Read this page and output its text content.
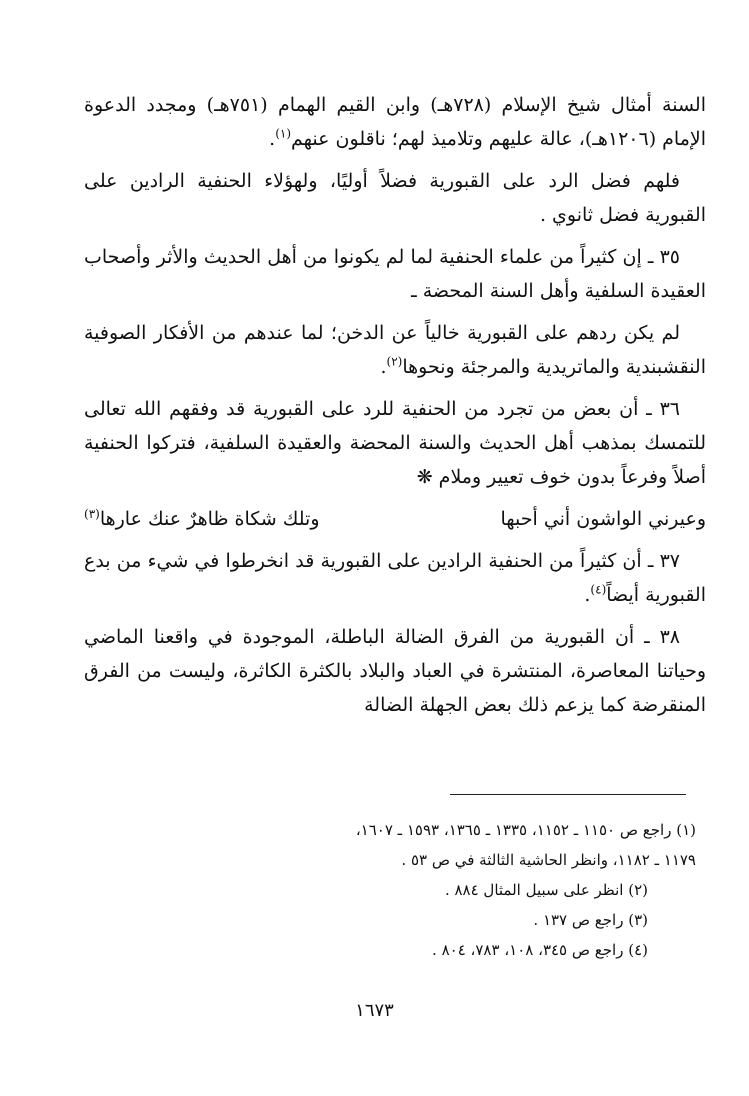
السنة أمثال شيخ الإسلام (٧٢٨هـ) وابن القيم الهمام (٧٥١هـ) ومجدد الدعوة الإمام (١٢٠٦هـ)، عالة عليهم وتلاميذ لهم؛ ناقلون عنهم$^{(١)}$.

فلهم فضل الرد على القبورية فضلاً أوليًا، ولهؤلاء الحنفية الرادين على القبورية فضل ثانوي .

٣٥ ـ إن كثيراً من علماء الحنفية لما لم يكونوا من أهل الحديث والأثر وأصحاب العقيدة السلفية وأهل السنة المحضة ـ

لم يكن ردهم على القبورية خالياً عن الدخن؛ لما عندهم من الأفكار الصوفية النقشبندية والماتريدية والمرجئة ونحوها$^{(٢)}$.

٣٦ ـ أن بعض من تجرد من الحنفية للرد على القبورية قد وفقهم الله تعالى للتمسك بمذهب أهل الحديث والسنة المحضة والعقيدة السلفية، فتركوا الحنفية أصلاً وفرعاً بدون خوف تعيير وملام ❋

وعيرني الواشون أني أحبها
وتلك شكاة ظاهرٌ عنك عارها(٣)

٣٧ ـ أن كثيراً من الحنفية الرادين على القبورية قد انخرطوا في شيء من بدع القبورية أيضاً$^{(٤)}$.

٣٨ ـ أن القبورية من الفرق الضالة الباطلة، الموجودة في واقعنا الماضي وحياتنا المعاصرة، المنتشرة في العباد والبلاد بالكثرة الكاثرة، وليست من الفرق المنقرضة كما يزعم ذلك بعض الجهلة الضالة

(١) راجع ص ١١٥٠ ـ ١١٥٢، ١٣٣٥ ـ ١٣٦٥، ١٥٩٣ ـ ١٦٠٧،

١١٧٩ ـ ١١٨٢، وانظر الحاشية الثالثة في ص ٥٣ .

(٢) انظر على سبيل المثال ٨٨٤ .

(٣) راجع ص ١٣٧ .

(٤) راجع ص ٣٤٥، ١٠٨، ٧٨٣، ٨٠٤ .

١٦٧٣
